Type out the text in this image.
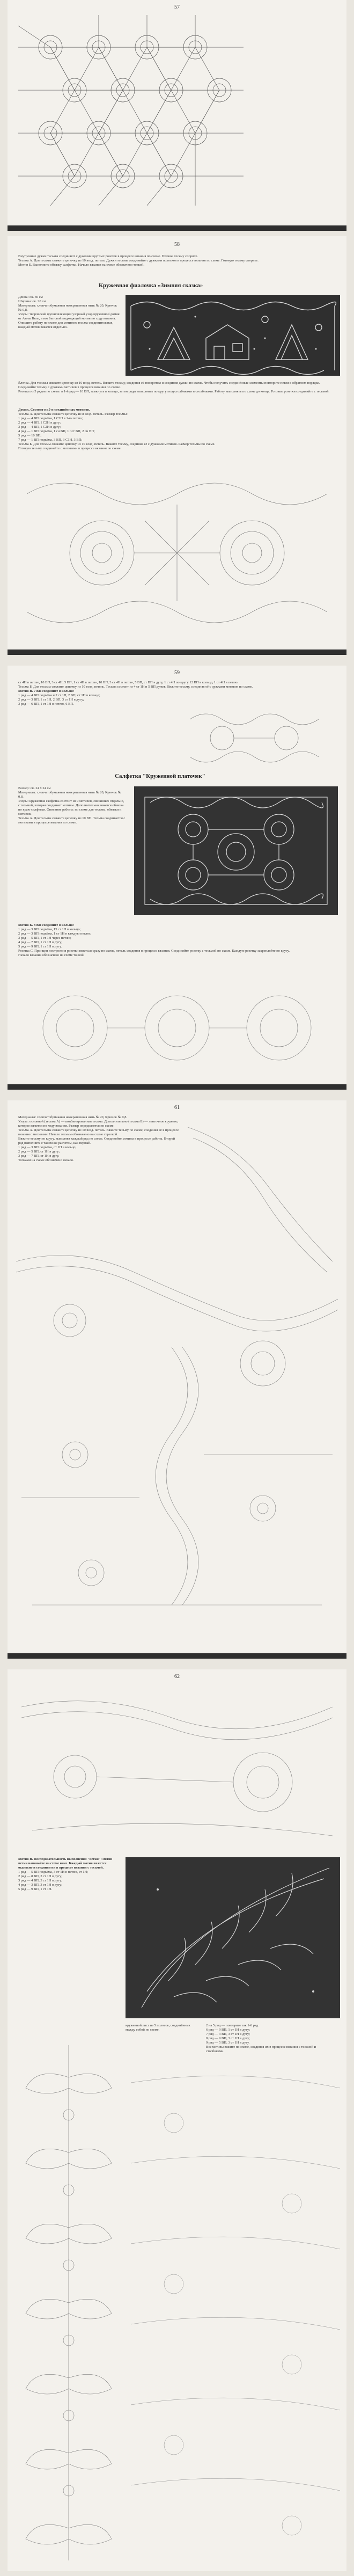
57
58

Внутренние дужки тесьмы соединяют с дужками круглых розеток в процессе вязания по схеме. Готовое тесьму спорите.

Тесьма А. Для тесьмы свяжите цепочку из 10 возд. петель. Дужки тесьмы соединяйте с дужками волосков в процессе вязания по схеме. Готовую тесьму спорите.

Мотив Б. Выполните обвязку салфетки. Начало вязания на схеме обозначено точкой.

Кружевная фиалочка «Зимняя сказка»

Длина: ок. 30 см

Ширина: ок. 20 см

Материалы: хлопчатобумажная неокрашенная нить № 20, Крючок № 0,8.

Узоры: творческий вдохновляющий узорный узор кружевной домик от Анны Вяль, а вот бытовой подходящий мотив по ходу вязания. Опишите работу по схеме для мотивов: тесьма соединительная, каждый мотив вяжется отдельно.

Ёлочка. Для тесьмы свяжите цепочку из 10 возд. петель. Вяжите тесьму, соединяя её поворотом и соединяя дужки по схеме. Чтобы получить соединённые элементы повторите петли в обратном порядке. Соединяйте тесьму с дужками мотивов в процессе вязания по схеме.

Розетка из 5 рядов по схеме: в 1-й ряд — 10 ВП, замкнуть в кольцо, затем ряды выполнить по кругу полустолбиками и столбиками. Работу выполнять по схеме до конца. Готовые розетки соединяйте с тесьмой.

Домик. Состоит из 5-и соединённых мотивов.

Тесьма А. Для тесьмы свяжите цепочку из 8 возд. петель. Размер тесьмы:

1 ряд — 4 ВП подъёма, 1 С2Н в 1-ю петлю;

2 ряд — 4 ВП, 1 С2Н в дугу;

3 ряд — 4 ВП, 1 С2Н в дугу;

4 ряд — 1 ВП подъёма, 1 сн ВП, 1 пст ВП, 2 сн ВП;

5 ряд — 10 ВП;

7 ряд — 1 ВП подъёма, 3 ВП, 3 С1Н, 3 ВП;

Тесьма Б. Для тесьмы свяжите цепочку из 10 возд. петель. Вяжите тесьму, соединяя её с дужками мотивов. Размер тесьмы по схеме.

Готовую тесьму соединяйте с мотивами в процессе вязания по схеме.

59

ст 4Н в петлю, 10 ВП, 3 ст 4Н, 5 ВП, 1 ст 4Н в петлю, 10 ВП, 3 ст 4Н в петлю, 5 ВП, ст ВП в дугу, 1 ст 4Н по кругу 12 ВП в кольцо, 1 ст 4Н в петлю.

Тесьма Б. Для тесьмы свяжите цепочку из 10 возд. петель. Тесьма состоит из 4 ст 1Н и 5 ВП дужек. Вяжите тесьму, соединяя её с дужками мотивов по схеме.

Мотив В. 7 ВП соедините в кольцо:

1 ряд — 4 ВП подъёма и 2 ст 1Н, 2 ВП, ст 1Н в кольцо;

2 ряд — 3 ВП, 1 ст 1Н, 2 ВП, 3 ст 1Н в дугу;

3 ряд — 6 ВП, 1 ст 1Н в петлю, 6 ВП.

Салфетка "Кружевной платочек"

Размер: ок. 24 x 24 см

Материалы: хлопчатобумажная неокрашенная нить № 20, Крючок № 0,8.

Узоры: кружевная салфетка состоит из 9 мотивов, связанных отдельно, с тесьмой, которая соединяет мотивы. Дополнительно вяжется обвязка по краю салфетки. Описание работы: по схеме для тесьмы, обвязки и мотивов.

Тесьма А. Для тесьмы свяжите цепочку из 10 ВП. Тесьма соединяется с мотивами в процессе вязания по схеме.

Мотив Б. 8 ВП соедините в кольцо:

1 ряд — 3 ВП подъёма, 15 ст 1Н в кольцо;

2 ряд — 3 ВП подъёма, 1 ст 1Н в каждую петлю;

3 ряд — 5 ВП, 1 ст 1Н через петлю;

4 ряд — 7 ВП, 1 ст 1Н в дугу;

5 ряд — 9 ВП, 1 ст 1Н в дугу.

Розетка С. Принцип построения розетки вязаться сразу по схеме, петель соединяя в процессе вязания. Соединяйте розетку с тесьмой по схеме. Каждую розетку закрепляйте по кругу.

Начало вязания обозначено на схеме точкой.

61

Материалы: хлопчатобумажная неокрашенная нить № 20, Крючок № 0,8.

Узоры: основной (тесьма А) — комбинированная тесьма. Дополнительно (тесьма Б) — ленточное кружево, которое вяжется по ходу вязания. Размер определяется по схеме.

Тесьма А. Для тесьмы свяжите цепочку из 10 возд. петель. Вяжите тесьму по схеме, соединяя её в процессе вязания с мотивами. Начало тесьмы обозначено на схеме стрелкой.

Вяжите тесьму по кругу, выполняя каждый ряд по схеме. Соединяйте мотивы в процессе работы. Второй ряд выполнить с таким же расчетом, как первый.

1 ряд — 3 ВП подъёма, ст 1Н в кольцо;

2 ряд — 5 ВП, ст 1Н в дугу;

3 ряд — 7 ВП, ст 1Н в дугу.

Точками на схеме обозначено начало.

62

Мотив В. Последовательность выполнения "ветки": мотив ветки начинайте на схеме вниз. Каждый мотив вяжется отдельно и соединяется в процессе вязания с тесьмой.

1 ряд — 5 ВП подъёма, 3 ст 1Н в петлю, ст 1Н;
2 ряд — 8 ВП, 3 ст 1Н в дугу;
3 ряд — 4 ВП, 3 ст 1Н в дугу;
4 ряд — 3 ВП, 3 ст 1Н в дугу;
5 ряд — 9 ВП, 1 ст 1Н.

кружевной лист из 5 полосок, соединённых между собой по схеме.
2 на 5 ряд — повторите так 1-6 ряд.
6 ряд — 9 ВП, 1 ст 1Н в дугу;
7 ряд — 3 ВП, 3 ст 1Н в дугу;
8 ряд — 9 ВП, 3 ст 1Н в дугу;
9 ряд — 5 ВП, 3 ст 1Н в дугу.
Все мотивы вяжите по схеме, соединяя их в процессе вязания с тесьмой и столбиками.
